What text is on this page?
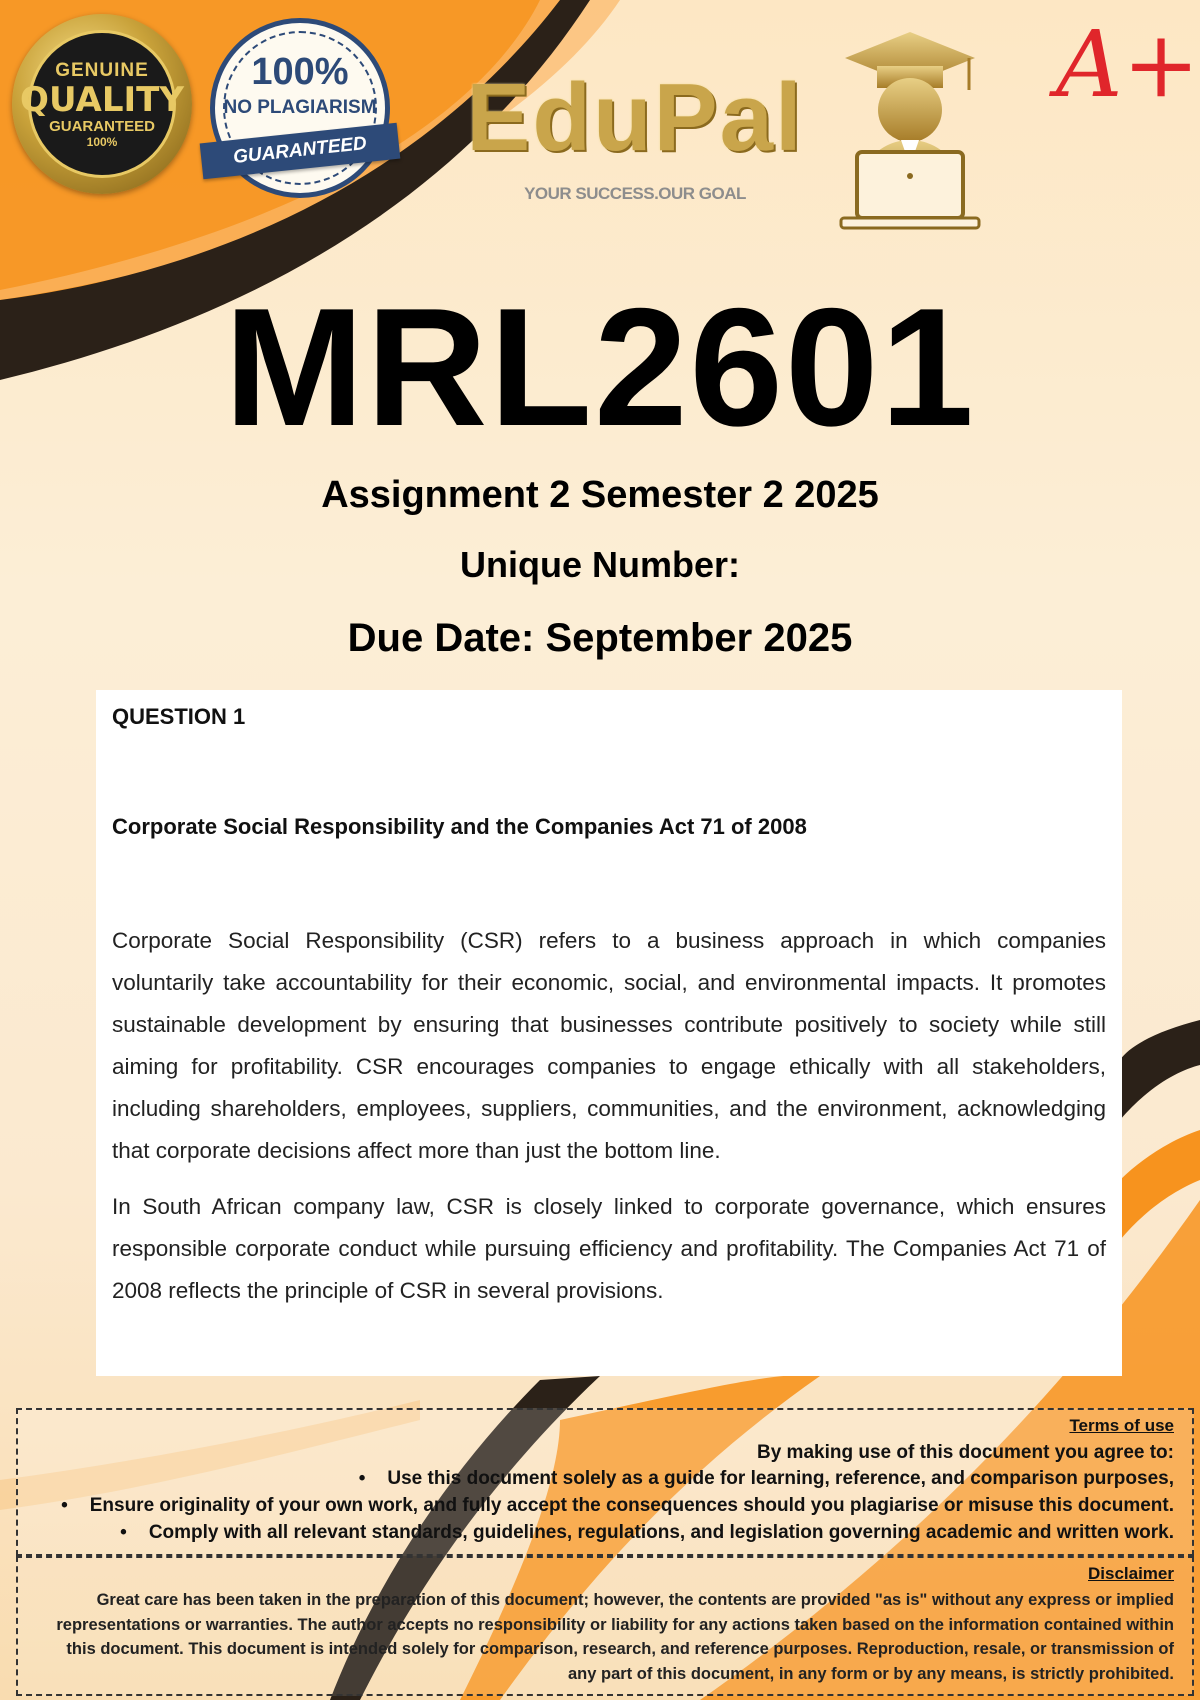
GENUINE
QUALITY
GUARANTEED
100%
100%
NO PLAGIARISM
GUARANTEED	EduPal
YOUR SUCCESS.OUR GOAL
A+
MRL2601
Assignment 2 Semester 2 2025
Unique Number:
Due Date: September 2025
QUESTION 1
Corporate Social Responsibility and the Companies Act 71 of 2008

Corporate Social Responsibility (CSR) refers to a business approach in which companies voluntarily take accountability for their economic, social, and environmental impacts. It promotes sustainable development by ensuring that businesses contribute positively to society while still aiming for profitability. CSR encourages companies to engage ethically with all stakeholders, including shareholders, employees, suppliers, communities, and the environment, acknowledging that corporate decisions affect more than just the bottom line.

In South African company law, CSR is closely linked to corporate governance, which ensures responsible corporate conduct while pursuing efficiency and profitability. The Companies Act 71 of 2008 reflects the principle of CSR in several provisions.

Terms of use
By making use of this document you agree to:
• Use this document solely as a guide for learning, reference, and comparison purposes,
• Ensure originality of your own work, and fully accept the consequences should you plagiarise or misuse this document.
• Comply with all relevant standards, guidelines, regulations, and legislation governing academic and written work.
Disclaimer

Great care has been taken in the preparation of this document; however, the contents are provided "as is" without any express or implied representations or warranties. The author accepts no responsibility or liability for any actions taken based on the information contained within this document. This document is intended solely for comparison, research, and reference purposes. Reproduction, resale, or transmission of any part of this document, in any form or by any means, is strictly prohibited.
